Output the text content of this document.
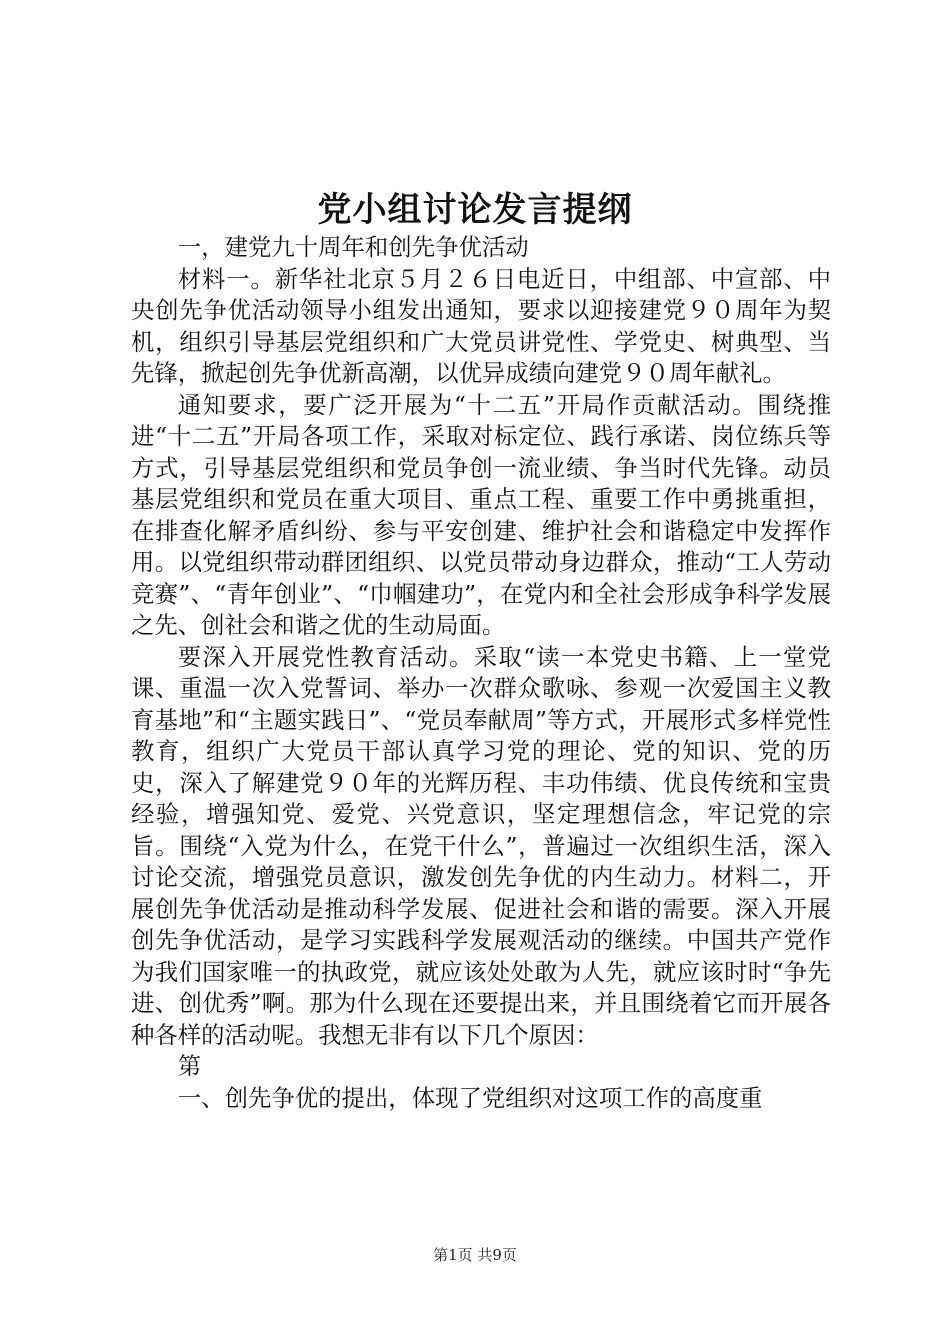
党小组讨论发言提纲

一，建党九十周年和创先争优活动

材料一。新华社北京５月２６日电近日，中组部、中宣部、中央创先争优活动领导小组发出通知，要求以迎接建党９０周年为契机，组织引导基层党组织和广大党员讲党性、学党史、树典型、当先锋，掀起创先争优新高潮，以优异成绩向建党９０周年献礼。

通知要求，要广泛开展为“十二五”开局作贡献活动。围绕推进“十二五”开局各项工作，采取对标定位、践行承诺、岗位练兵等方式，引导基层党组织和党员争创一流业绩、争当时代先锋。动员基层党组织和党员在重大项目、重点工程、重要工作中勇挑重担，在排查化解矛盾纠纷、参与平安创建、维护社会和谐稳定中发挥作用。以党组织带动群团组织、以党员带动身边群众，推动“工人劳动竞赛”、“青年创业”、“巾帼建功”，在党内和全社会形成争科学发展之先、创社会和谐之优的生动局面。

要深入开展党性教育活动。采取“读一本党史书籍、上一堂党课、重温一次入党誓词、举办一次群众歌咏、参观一次爱国主义教育基地”和“主题实践日”、“党员奉献周”等方式，开展形式多样党性教育，组织广大党员干部认真学习党的理论、党的知识、党的历史，深入了解建党９０年的光辉历程、丰功伟绩、优良传统和宝贵经验，增强知党、爱党、兴党意识，坚定理想信念，牢记党的宗旨。围绕“入党为什么，在党干什么”，普遍过一次组织生活，深入讨论交流，增强党员意识，激发创先争优的内生动力。材料二，开展创先争优活动是推动科学发展、促进社会和谐的需要。深入开展创先争优活动，是学习实践科学发展观活动的继续。中国共产党作为我们国家唯一的执政党，就应该处处敢为人先，就应该时时“争先进、创优秀”啊。那为什么现在还要提出来，并且围绕着它而开展各种各样的活动呢。我想无非有以下几个原因：

第

一、创先争优的提出，体现了党组织对这项工作的高度重

第1页 共9页
